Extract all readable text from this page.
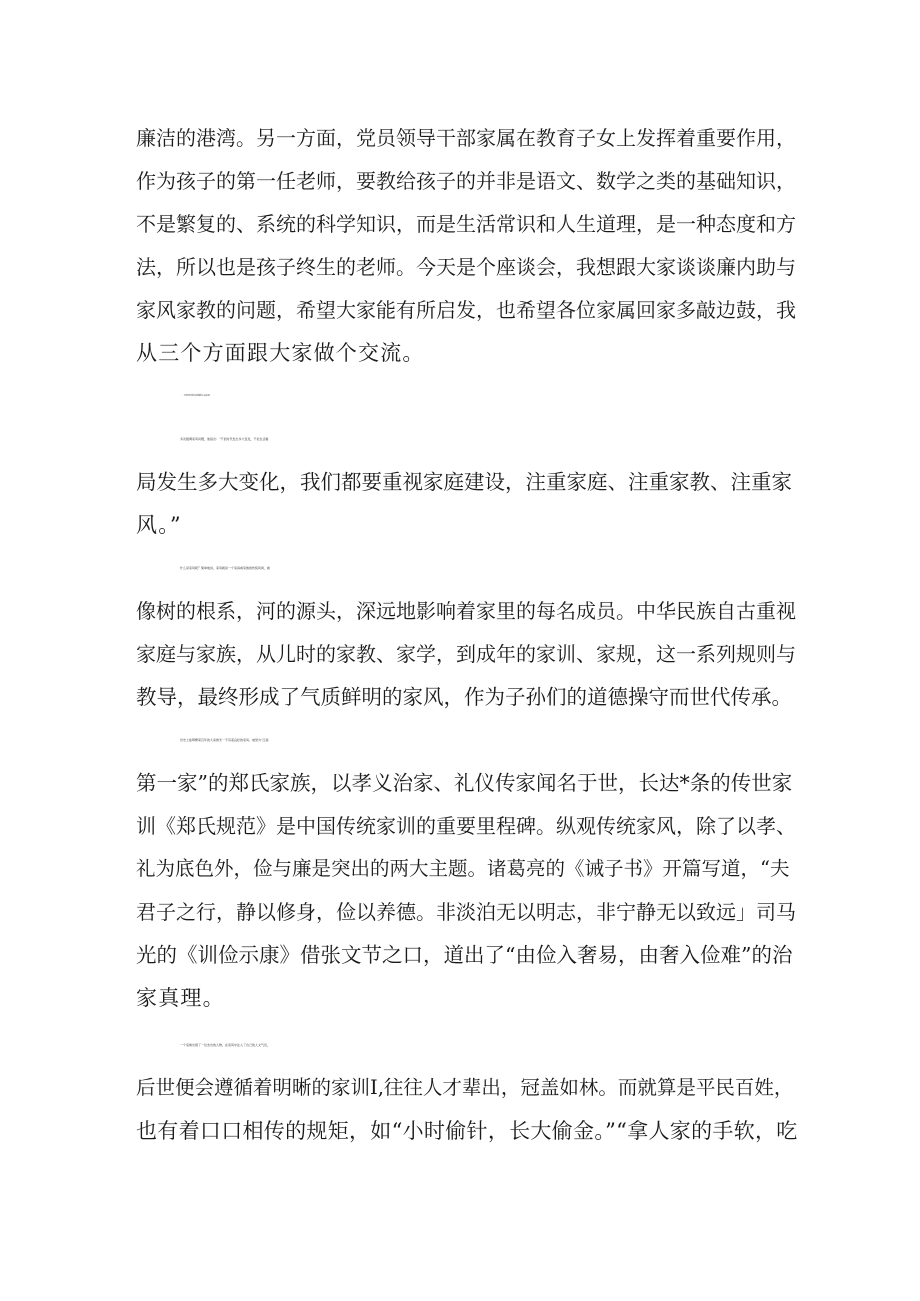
廉洁的港湾。另一方面，党员领导干部家属在教育子女上发挥着重要作用，
作为孩子的第一任老师，要教给孩子的并非是语文、数学之类的基础知识，
不是繁复的、系统的科学知识，而是生活常识和人生道理，是一种态度和方
法，所以也是孩子终生的老师。今天是个座谈会，我想跟大家谈谈廉内助与
家风家教的问题，希望大家能有所启发，也希望各位家属回家多敲边鼓，我
从三个方面跟大家做个交流。
一、好家风对家族家庭家人的影响
多次强调家风问题，他指出：“不论时代发生多大变化，不论生活格
局发生多大变化，我们都要重视家庭建设，注重家庭、注重家教、注重家
风。”
什么是家风呢？简单地讲，家风就是一个家庭或家族的传统风尚，就
像树的根系，河的源头，深远地影响着家里的每名成员。中华民族自古重视
家庭与家族，从儿时的家教、家学，到成年的家训、家规，这一系列规则与
教导，最终形成了气质鲜明的家风，作为子孙们的道德操守而世代传承。
历史上能够繁荣百年的大家族无一不有着良好的家风。被誉为“江南
第一家”的郑氏家族，以孝义治家、礼仪传家闻名于世，长达*条的传世家
训《郑氏规范》是中国传统家训的重要里程碑。纵观传统家风，除了以孝、
礼为底色外，俭与廉是突出的两大主题。诸葛亮的《诫子书》开篇写道，“夫
君子之行，静以修身，俭以养德。非淡泊无以明志，非宁静无以致远」司马
光的《训俭示康》借张文节之口，道出了“由俭入奢易，由奢入俭难”的治
家真理。
一个家族出现了一位杰出的人物，在家风中注入了自己的人文气息，
后世便会遵循着明晰的家训I,往往人才辈出，冠盖如林。而就算是平民百姓，
也有着口口相传的规矩，如“小时偷针，长大偷金。”“拿人家的手软，吃
